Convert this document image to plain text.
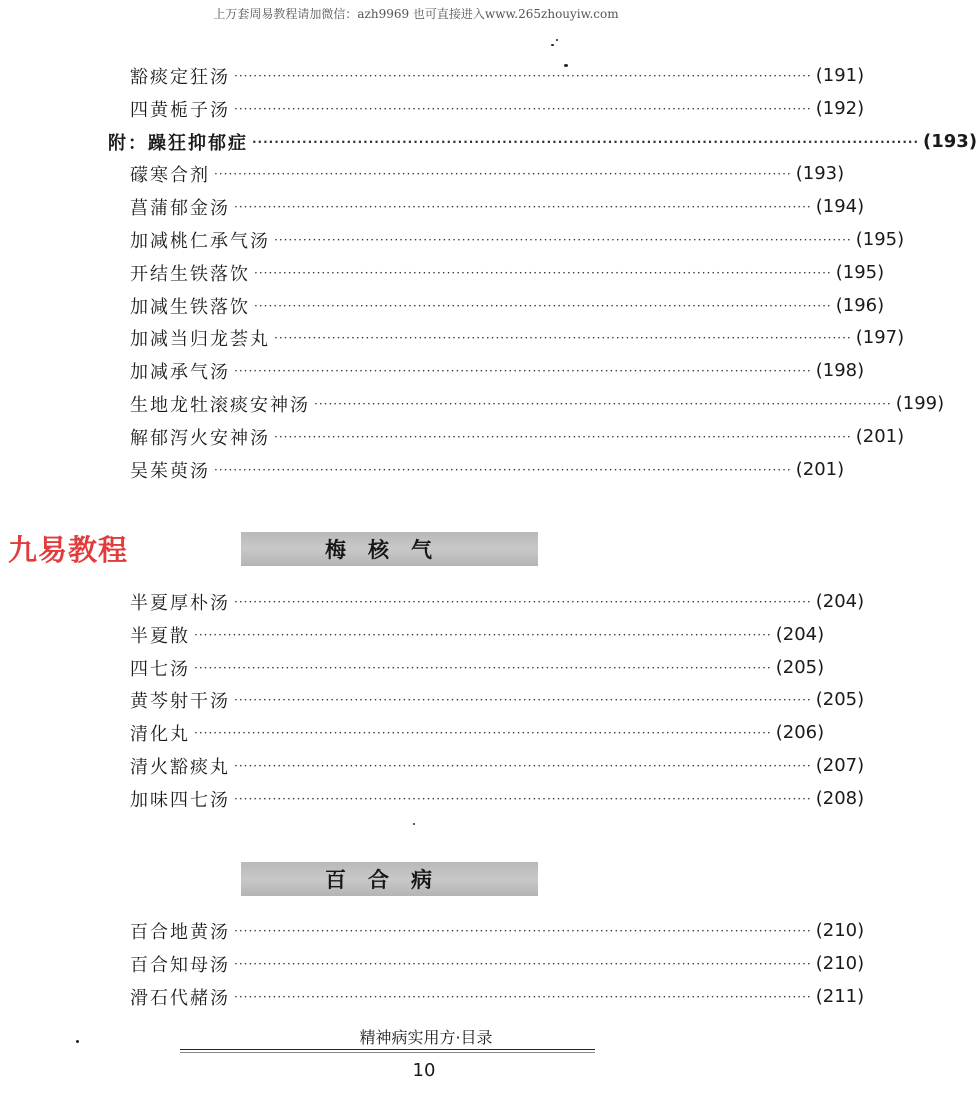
上万套周易教程请加微信：azh9969 也可直接进入www.265zhouyiw.com
九易教程
豁痰定狂汤 ························································································································ (191)
四黄栀子汤 ························································································································ (192)
附：躁狂抑郁症 ························································································································ (193)
礞寒合剂 ························································································································ (193)
菖蒲郁金汤 ························································································································ (194)
加减桃仁承气汤 ························································································································ (195)
开结生铁落饮 ························································································································ (195)
加减生铁落饮 ························································································································ (196)
加减当归龙荟丸 ························································································································ (197)
加减承气汤 ························································································································ (198)
生地龙牡滚痰安神汤 ························································································································ (199)
解郁泻火安神汤 ························································································································ (201)
吴茱萸汤 ························································································································ (201)
梅核气
半夏厚朴汤 ························································································································ (204)
半夏散 ························································································································ (204)
四七汤 ························································································································ (205)
黄芩射干汤 ························································································································ (205)
清化丸 ························································································································ (206)
清火豁痰丸 ························································································································ (207)
加味四七汤 ························································································································ (208)
百合病
百合地黄汤 ························································································································ (210)
百合知母汤 ························································································································ (210)
滑石代赭汤 ························································································································ (211)
精神病实用方·目录
10
